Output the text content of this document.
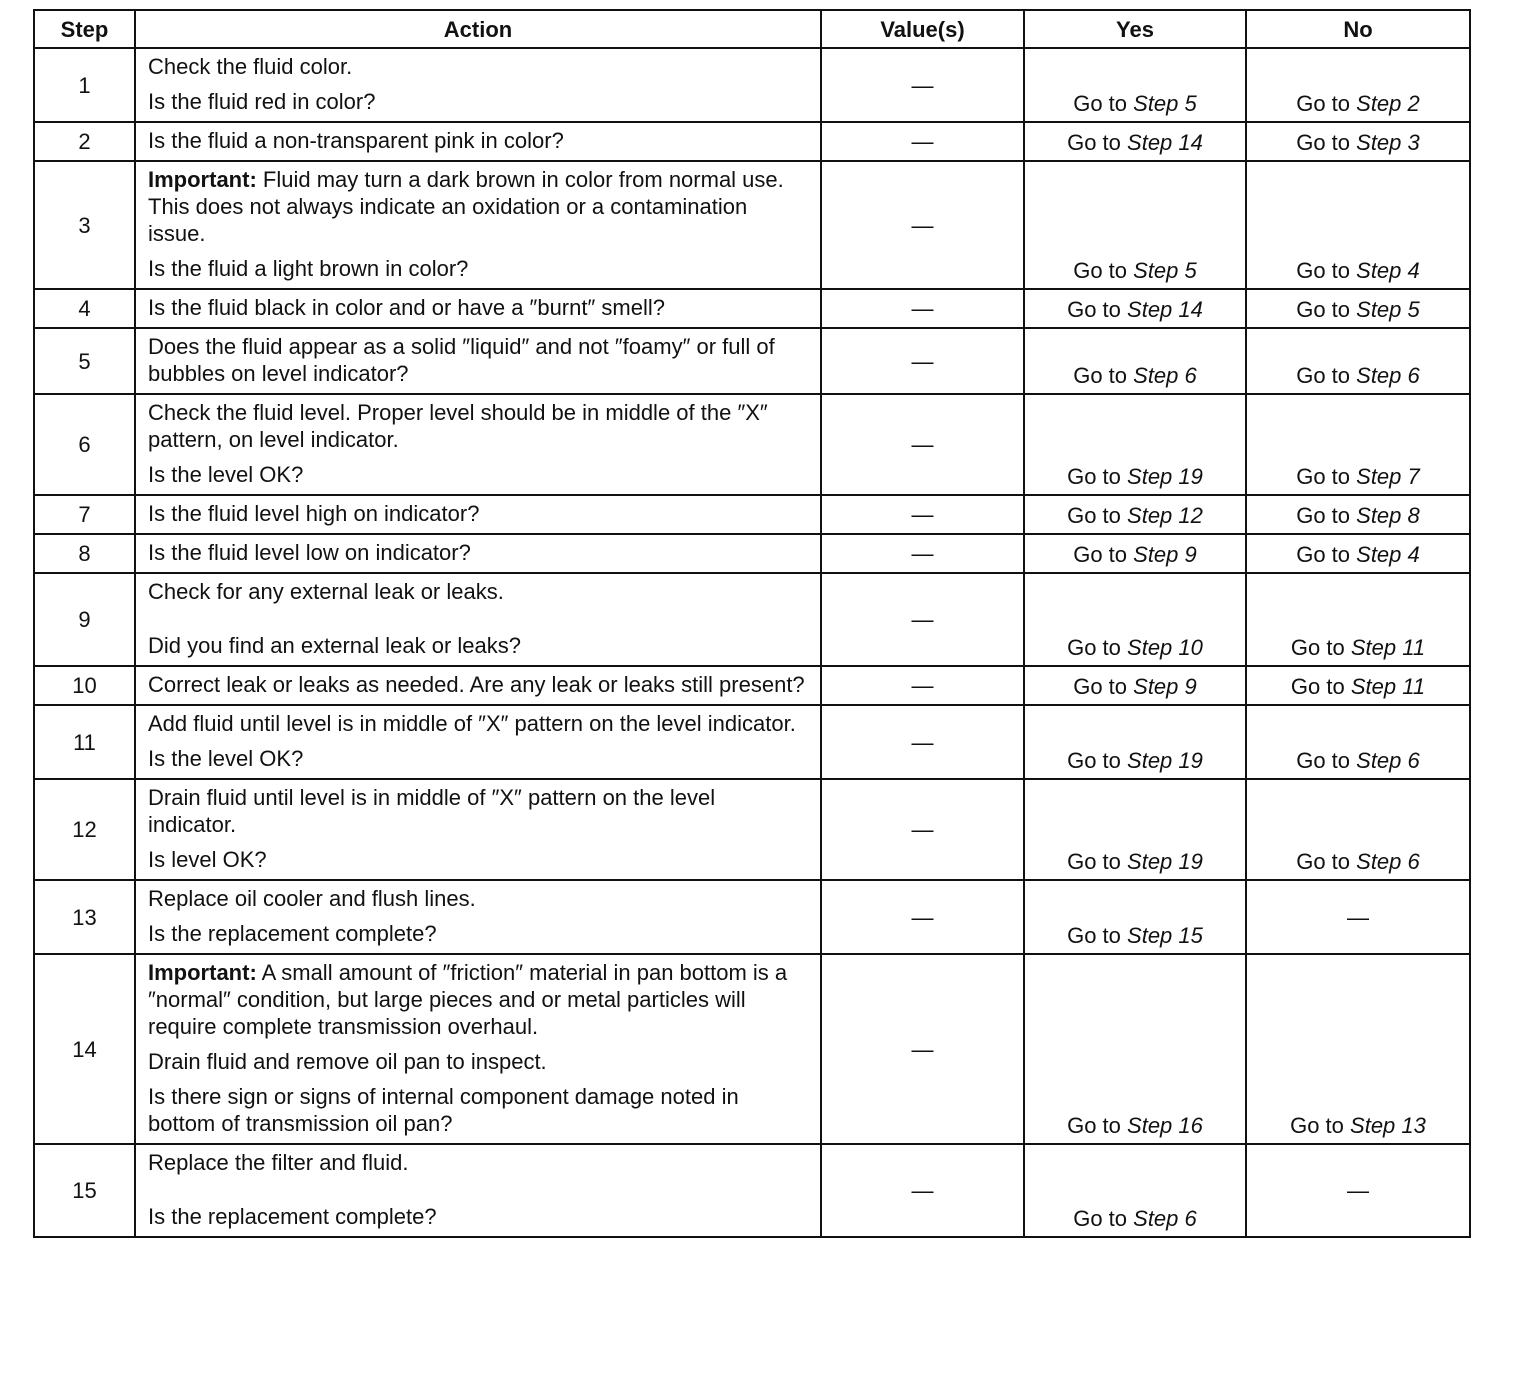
Step	Action	Value(s)	Yes	No
1	Check the fluid color.
Is the fluid red in color?	—	Go to Step 5	Go to Step 2
2	Is the fluid a non-transparent pink in color?	—	Go to Step 14	Go to Step 3
3	Important: Fluid may turn a dark brown in color from normal use. This does not always indicate an oxidation or a contamination issue.
Is the fluid a light brown in color?	—	Go to Step 5	Go to Step 4
4	Is the fluid black in color and or have a ″burnt″ smell?	—	Go to Step 14	Go to Step 5
5	Does the fluid appear as a solid ″liquid″ and not ″foamy″ or full of bubbles on level indicator?	—	Go to Step 6	Go to Step 6
6	Check the fluid level. Proper level should be in middle of the ″X″ pattern, on level indicator.
Is the level OK?	—	Go to Step 19	Go to Step 7
7	Is the fluid level high on indicator?	—	Go to Step 12	Go to Step 8
8	Is the fluid level low on indicator?	—	Go to Step 9	Go to Step 4
9	Check for any external leak or leaks.
Did you find an external leak or leaks?	—	Go to Step 10	Go to Step 11
10	Correct leak or leaks as needed. Are any leak or leaks still present?	—	Go to Step 9	Go to Step 11
11	Add fluid until level is in middle of ″X″ pattern on the level indicator.
Is the level OK?	—	Go to Step 19	Go to Step 6
12	Drain fluid until level is in middle of ″X″ pattern on the level indicator.
Is level OK?	—	Go to Step 19	Go to Step 6
13	Replace oil cooler and flush lines.
Is the replacement complete?	—	Go to Step 15	—
14	Important: A small amount of ″friction″ material in pan bottom is a ″normal″ condition, but large pieces and or metal particles will require complete transmission overhaul.
Drain fluid and remove oil pan to inspect.
Is there sign or signs of internal component damage noted in bottom of transmission oil pan?	—	Go to Step 16	Go to Step 13
15	Replace the filter and fluid.
Is the replacement complete?	—	Go to Step 6	—
